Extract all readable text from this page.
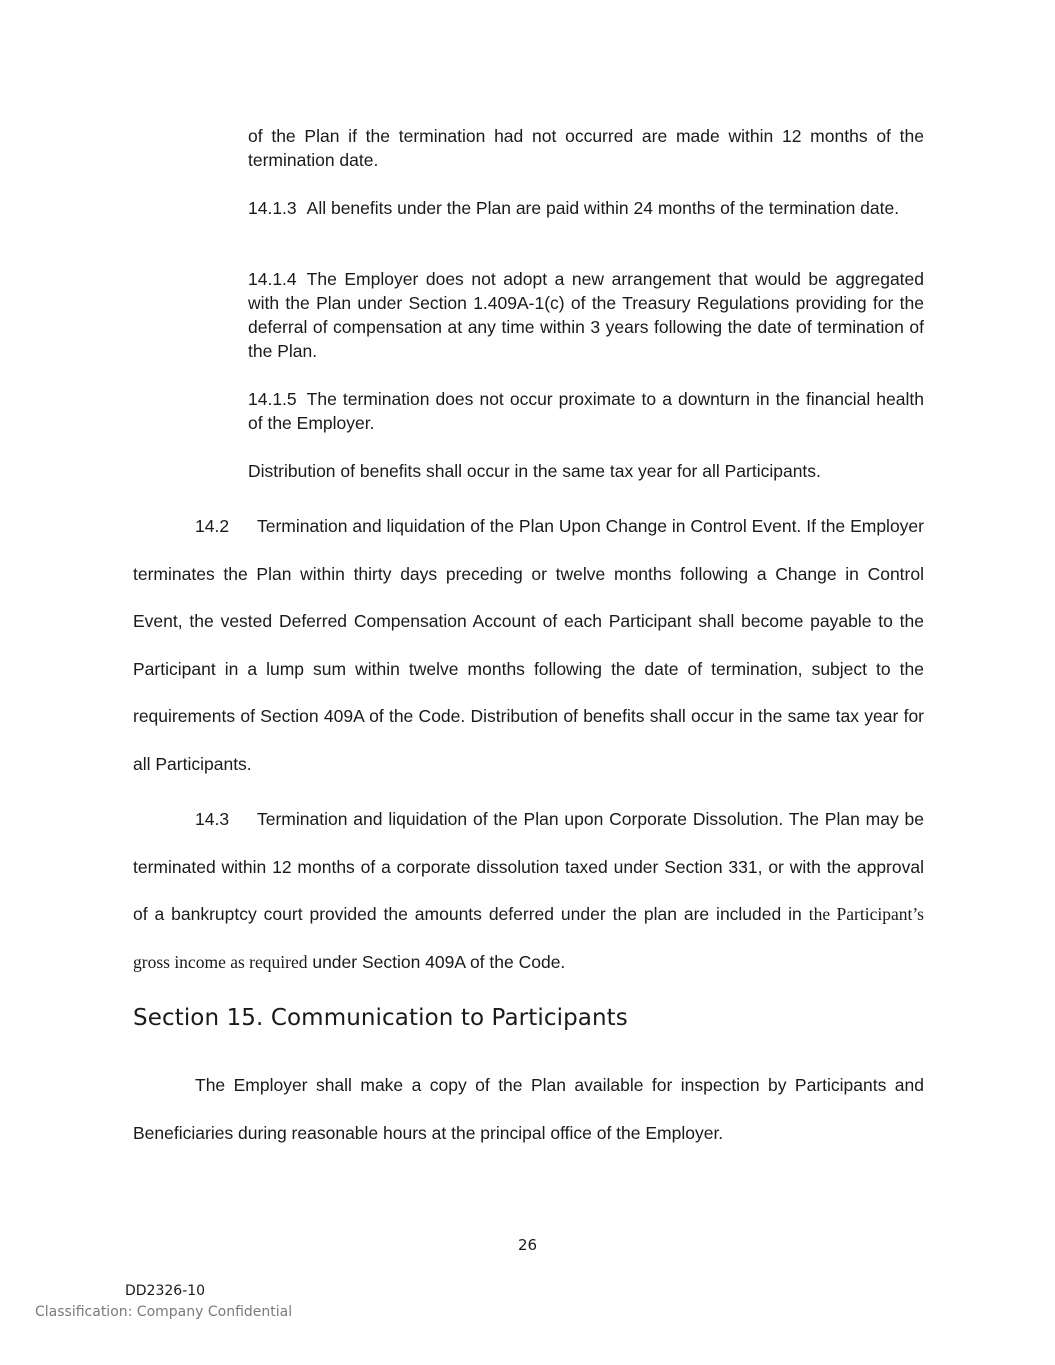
of the Plan if the termination had not occurred are made within 12 months of the termination date.

14.1.3 All benefits under the Plan are paid within 24 months of the termination date.

14.1.4 The Employer does not adopt a new arrangement that would be aggregated with the Plan under Section 1.409A-1(c) of the Treasury Regulations providing for the deferral of compensation at any time within 3 years following the date of termination of the Plan.

14.1.5 The termination does not occur proximate to a downturn in the financial health of the Employer.

Distribution of benefits shall occur in the same tax year for all Participants.

14.2 Termination and liquidation of the Plan Upon Change in Control Event. If the Employer terminates the Plan within thirty days preceding or twelve months following a Change in Control Event, the vested Deferred Compensation Account of each Participant shall become payable to the Participant in a lump sum within twelve months following the date of termination, subject to the requirements of Section 409A of the Code. Distribution of benefits shall occur in the same tax year for all Participants.

14.3 Termination and liquidation of the Plan upon Corporate Dissolution. The Plan may be terminated within 12 months of a corporate dissolution taxed under Section 331, or with the approval of a bankruptcy court provided the amounts deferred under the plan are included in the Participant’s gross income as required under Section 409A of the Code.

Section 15. Communication to Participants

The Employer shall make a copy of the Plan available for inspection by Participants and Beneficiaries during reasonable hours at the principal office of the Employer.

26
DD2326-10
Classification: Company Confidential
